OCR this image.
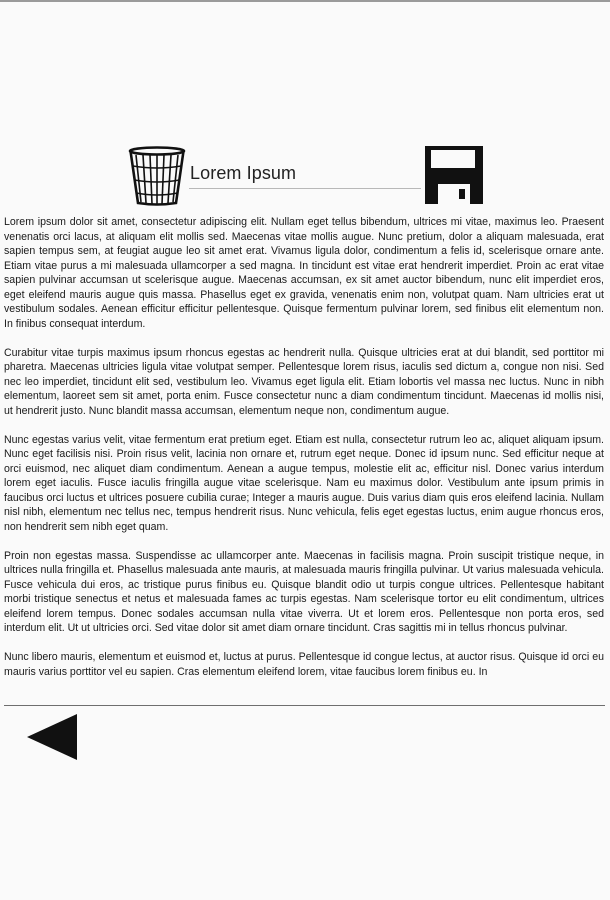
Lorem Ipsum

Lorem ipsum dolor sit amet, consectetur adipiscing elit. Nullam eget tellus bibendum, ultrices mi vitae, maximus leo. Praesent venenatis orci lacus, at aliquam elit mollis sed. Maecenas vitae mollis augue. Nunc pretium, dolor a aliquam malesuada, erat sapien tempus sem, at feugiat augue leo sit amet erat. Vivamus ligula dolor, condimentum a felis id, scelerisque ornare ante. Etiam vitae purus a mi malesuada ullamcorper a sed magna. In tincidunt est vitae erat hendrerit imperdiet. Proin ac erat vitae sapien pulvinar accumsan ut scelerisque augue. Maecenas accumsan, ex sit amet auctor bibendum, nunc elit imperdiet eros, eget eleifend mauris augue quis massa. Phasellus eget ex gravida, venenatis enim non, volutpat quam. Nam ultricies erat ut vestibulum sodales. Aenean efficitur efficitur pellentesque. Quisque fermentum pulvinar lorem, sed finibus elit elementum non. In finibus consequat interdum.

Curabitur vitae turpis maximus ipsum rhoncus egestas ac hendrerit nulla. Quisque ultricies erat at dui blandit, sed porttitor mi pharetra. Maecenas ultricies ligula vitae volutpat semper. Pellentesque lorem risus, iaculis sed dictum a, congue non nisi. Sed nec leo imperdiet, tincidunt elit sed, vestibulum leo. Vivamus eget ligula elit. Etiam lobortis vel massa nec luctus. Nunc in nibh elementum, laoreet sem sit amet, porta enim. Fusce consectetur nunc a diam condimentum tincidunt. Maecenas id mollis nisi, ut hendrerit justo. Nunc blandit massa accumsan, elementum neque non, condimentum augue.

Nunc egestas varius velit, vitae fermentum erat pretium eget. Etiam est nulla, consectetur rutrum leo ac, aliquet aliquam ipsum. Nunc eget facilisis nisi. Proin risus velit, lacinia non ornare et, rutrum eget neque. Donec id ipsum nunc. Sed efficitur neque at orci euismod, nec aliquet diam condimentum. Aenean a augue tempus, molestie elit ac, efficitur nisl. Donec varius interdum lorem eget iaculis. Fusce iaculis fringilla augue vitae scelerisque. Nam eu maximus dolor. Vestibulum ante ipsum primis in faucibus orci luctus et ultrices posuere cubilia curae; Integer a mauris augue. Duis varius diam quis eros eleifend lacinia. Nullam nisl nibh, elementum nec tellus nec, tempus hendrerit risus. Nunc vehicula, felis eget egestas luctus, enim augue rhoncus eros, non hendrerit sem nibh eget quam.

Proin non egestas massa. Suspendisse ac ullamcorper ante. Maecenas in facilisis magna. Proin suscipit tristique neque, in ultrices nulla fringilla et. Phasellus malesuada ante mauris, at malesuada mauris fringilla pulvinar. Ut varius malesuada vehicula. Fusce vehicula dui eros, ac tristique purus finibus eu. Quisque blandit odio ut turpis congue ultrices. Pellentesque habitant morbi tristique senectus et netus et malesuada fames ac turpis egestas. Nam scelerisque tortor eu elit condimentum, ultrices eleifend lorem tempus. Donec sodales accumsan nulla vitae viverra. Ut et lorem eros. Pellentesque non porta eros, sed interdum elit. Ut ut ultricies orci. Sed vitae dolor sit amet diam ornare tincidunt. Cras sagittis mi in tellus rhoncus pulvinar.

Nunc libero mauris, elementum et euismod et, luctus at purus. Pellentesque id congue lectus, at auctor risus. Quisque id orci eu mauris varius porttitor vel eu sapien. Cras elementum eleifend lorem, vitae faucibus lorem finibus eu. In
